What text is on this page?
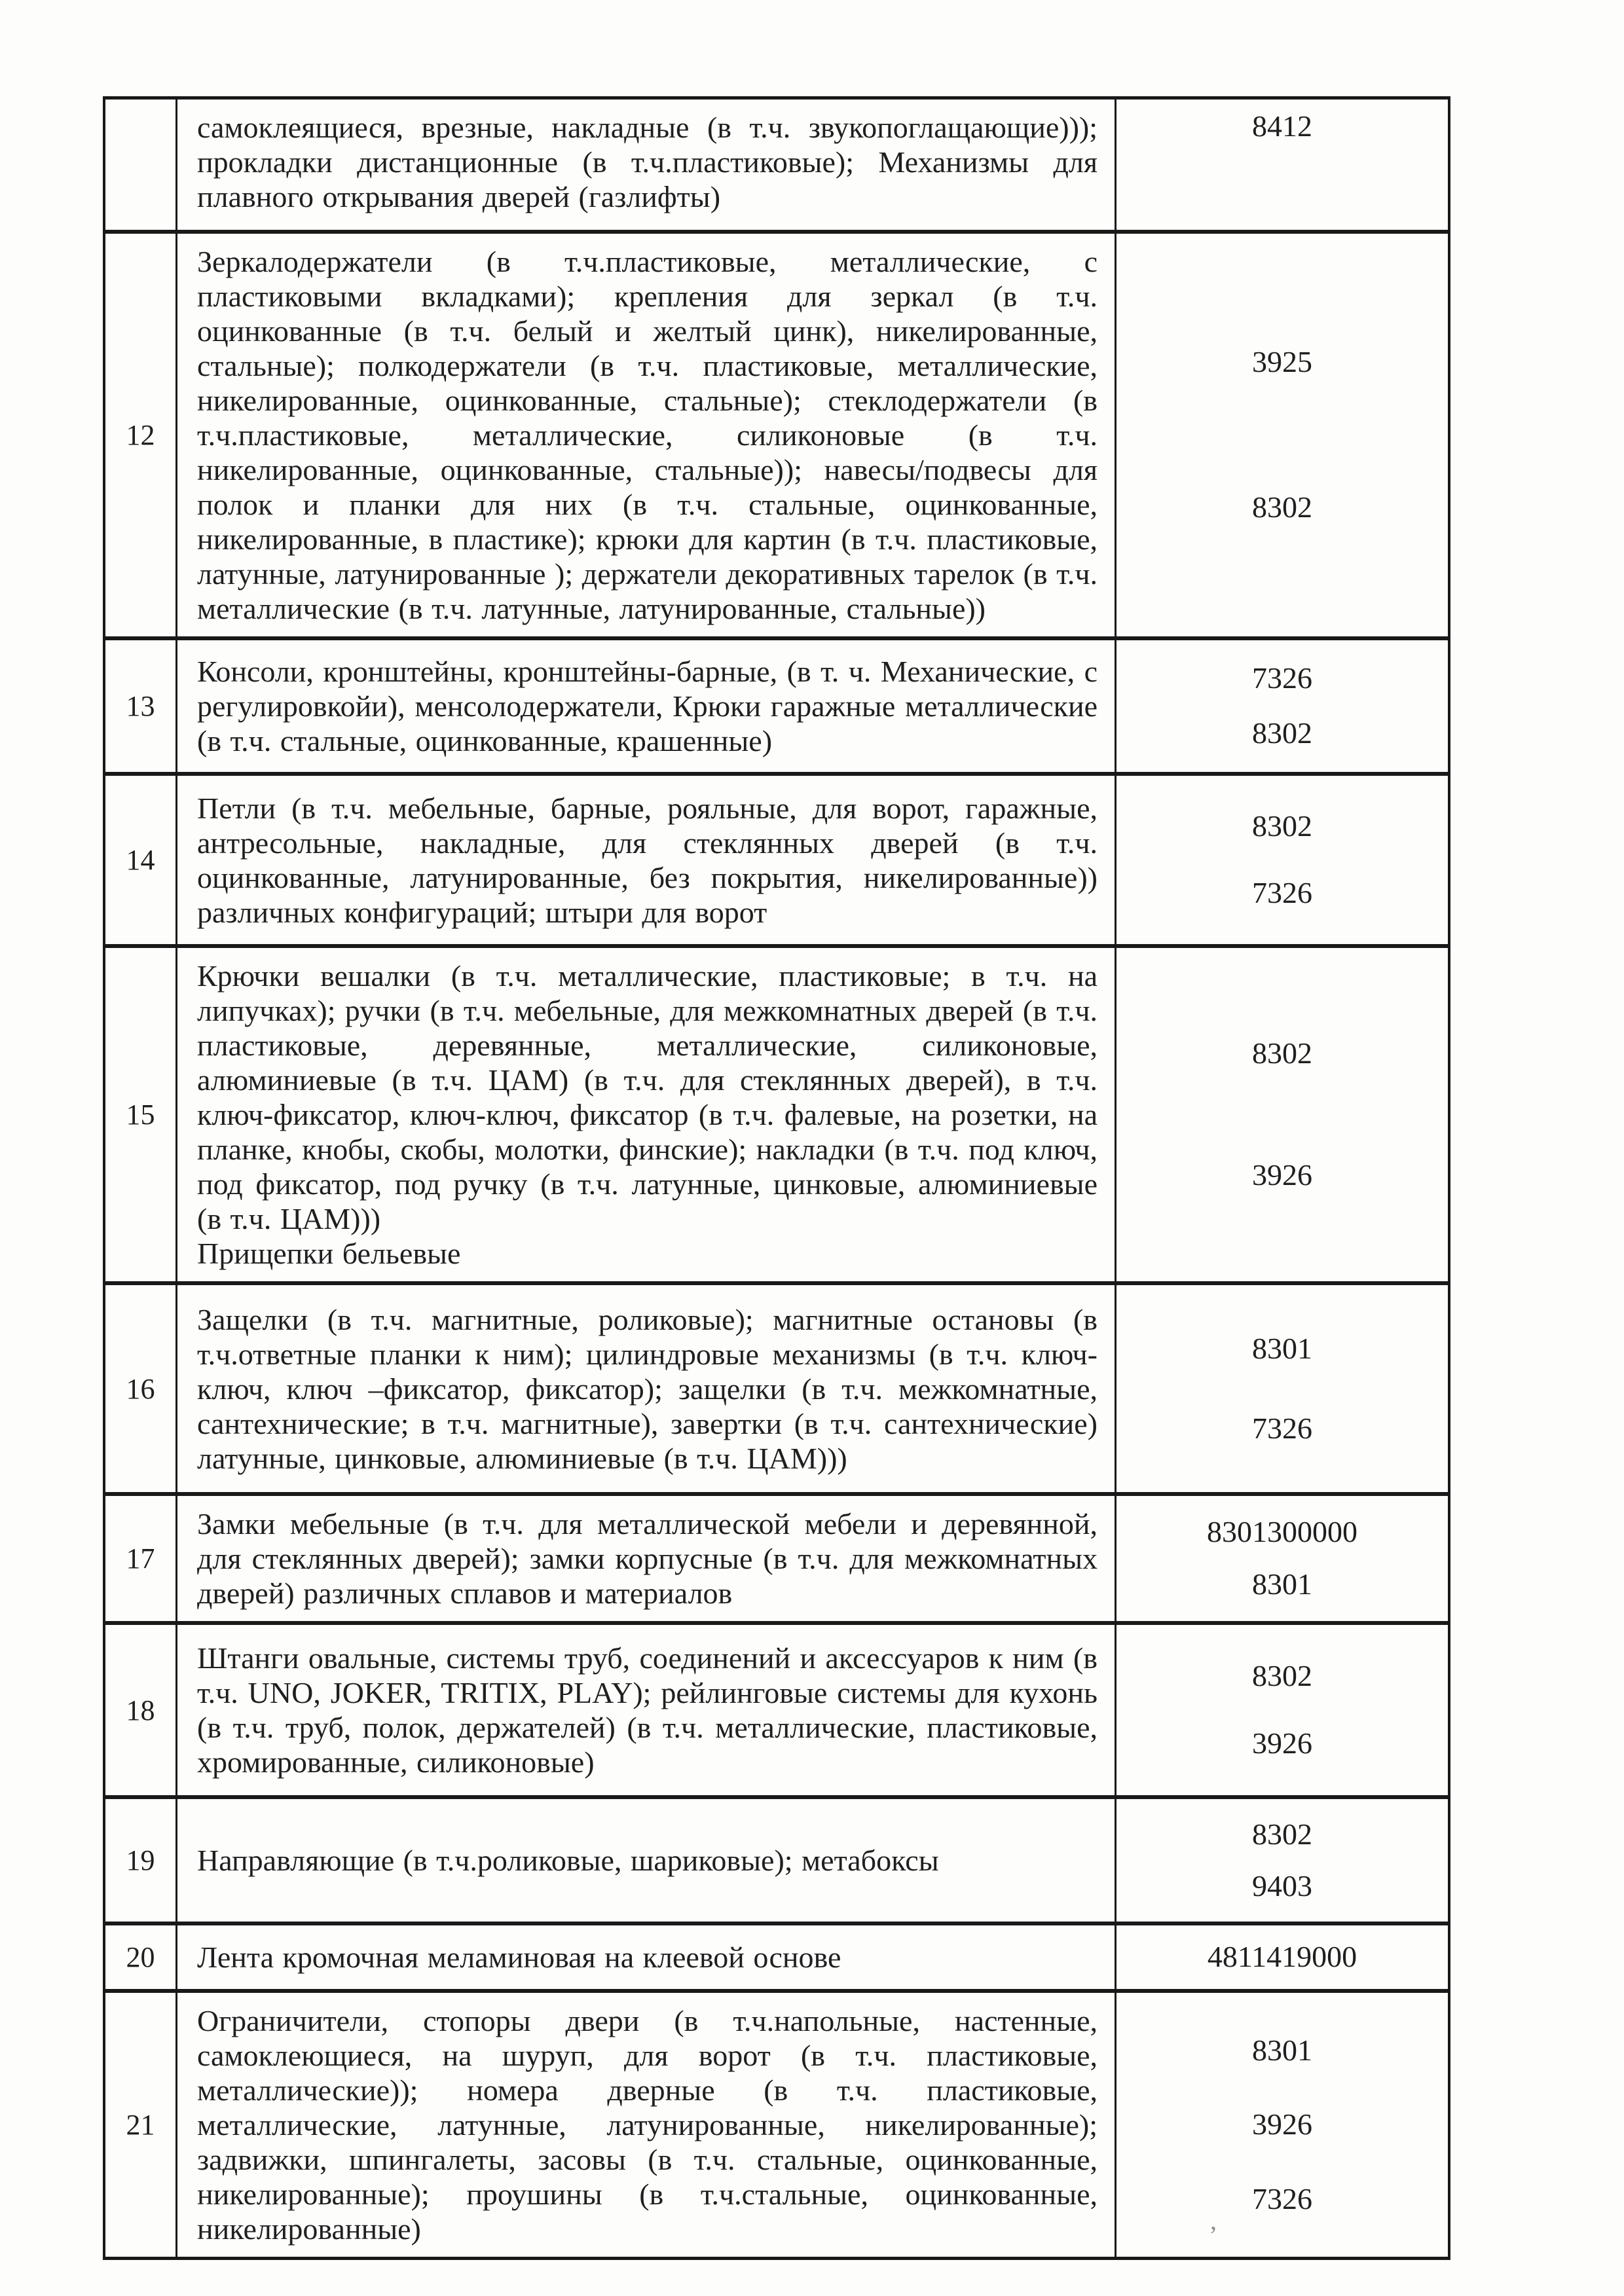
самоклеящиеся, врезные, накладные (в т.ч. звукопоглащающие))); прокладки дистанционные (в т.ч.пластиковые); Механизмы для плавного открывания дверей (газлифты)

8412
12

Зеркалодержатели (в т.ч.пластиковые, металлические, с пластиковыми вкладками); крепления для зеркал (в т.ч. оцинкованные (в т.ч. белый и желтый цинк), никелированные, стальные); полкодержатели (в т.ч. пластиковые, металлические, никелированные, оцинкованные, стальные); стеклодержатели (в т.ч.пластиковые, металлические, силиконовые (в т.ч. никелированные, оцинкованные, стальные)); навесы/подвесы для полок и планки для них (в т.ч. стальные, оцинкованные, никелированные, в пластике); крюки для картин (в т.ч. пластиковые, латунные, латунированные ); держатели декоративных тарелок (в т.ч. металлические (в т.ч. латунные, латунированные, стальные))

3925
8302
13

Консоли, кронштейны, кронштейны-барные, (в т. ч. Механические, с регулировкойи), менсолодержатели, Крюки гаражные металлические (в т.ч. стальные, оцинкованные, крашенные)

7326
8302
14

Петли (в т.ч. мебельные, барные, рояльные, для ворот, гаражные, антресольные, накладные, для стеклянных дверей (в т.ч. оцинкованные, латунированные, без покрытия, никелированные)) различных конфигураций; штыри для ворот

8302
7326
15

Крючки вешалки (в т.ч. металлические, пластиковые; в т.ч. на липучках); ручки (в т.ч. мебельные, для межкомнатных дверей (в т.ч. пластиковые, деревянные, металлические, силиконовые, алюминиевые (в т.ч. ЦАМ) (в т.ч. для стеклянных дверей), в т.ч. ключ-фиксатор, ключ-ключ, фиксатор (в т.ч. фалевые, на розетки, на планке, кнобы, скобы, молотки, финские); накладки (в т.ч. под ключ, под фиксатор, под ручку (в т.ч. латунные, цинковые, алюминиевые (в т.ч. ЦАМ)))

Прищепки бельевые

8302
3926
16

Защелки (в т.ч. магнитные, роликовые); магнитные остановы (в т.ч.ответные планки к ним); цилиндровые механизмы (в т.ч. ключ-ключ, ключ –фиксатор, фиксатор); защелки (в т.ч. межкомнатные, сантехнические; в т.ч. магнитные), завертки (в т.ч. сантехнические) латунные, цинковые, алюминиевые (в т.ч. ЦАМ)))

8301
7326
17

Замки мебельные (в т.ч. для металлической мебели и деревянной, для стеклянных дверей); замки корпусные (в т.ч. для межкомнатных дверей) различных сплавов и материалов

8301300000
8301
18

Штанги овальные, системы труб, соединений и аксессуаров к ним (в т.ч. UNO, JOKER, TRITIX, PLAY); рейлинговые системы для кухонь (в т.ч. труб, полок, держателей) (в т.ч. металлические, пластиковые, хромированные, силиконовые)

8302
3926
19 Направляющие (в т.ч.роликовые, шариковые); метабоксы

8302
9403
20 Лента кромочная меламиновая на клеевой основе	4811419000
21

Ограничители, стопоры двери (в т.ч.напольные, настенные, самоклеющиеся, на шуруп, для ворот (в т.ч. пластиковые, металлические)); номера дверные (в т.ч. пластиковые, металлические, латунные, латунированные, никелированные); задвижки, шпингалеты, засовы (в т.ч. стальные, оцинкованные, никелированные); проушины (в т.ч.стальные, оцинкованные, никелированные)

8301
3926
7326
,
